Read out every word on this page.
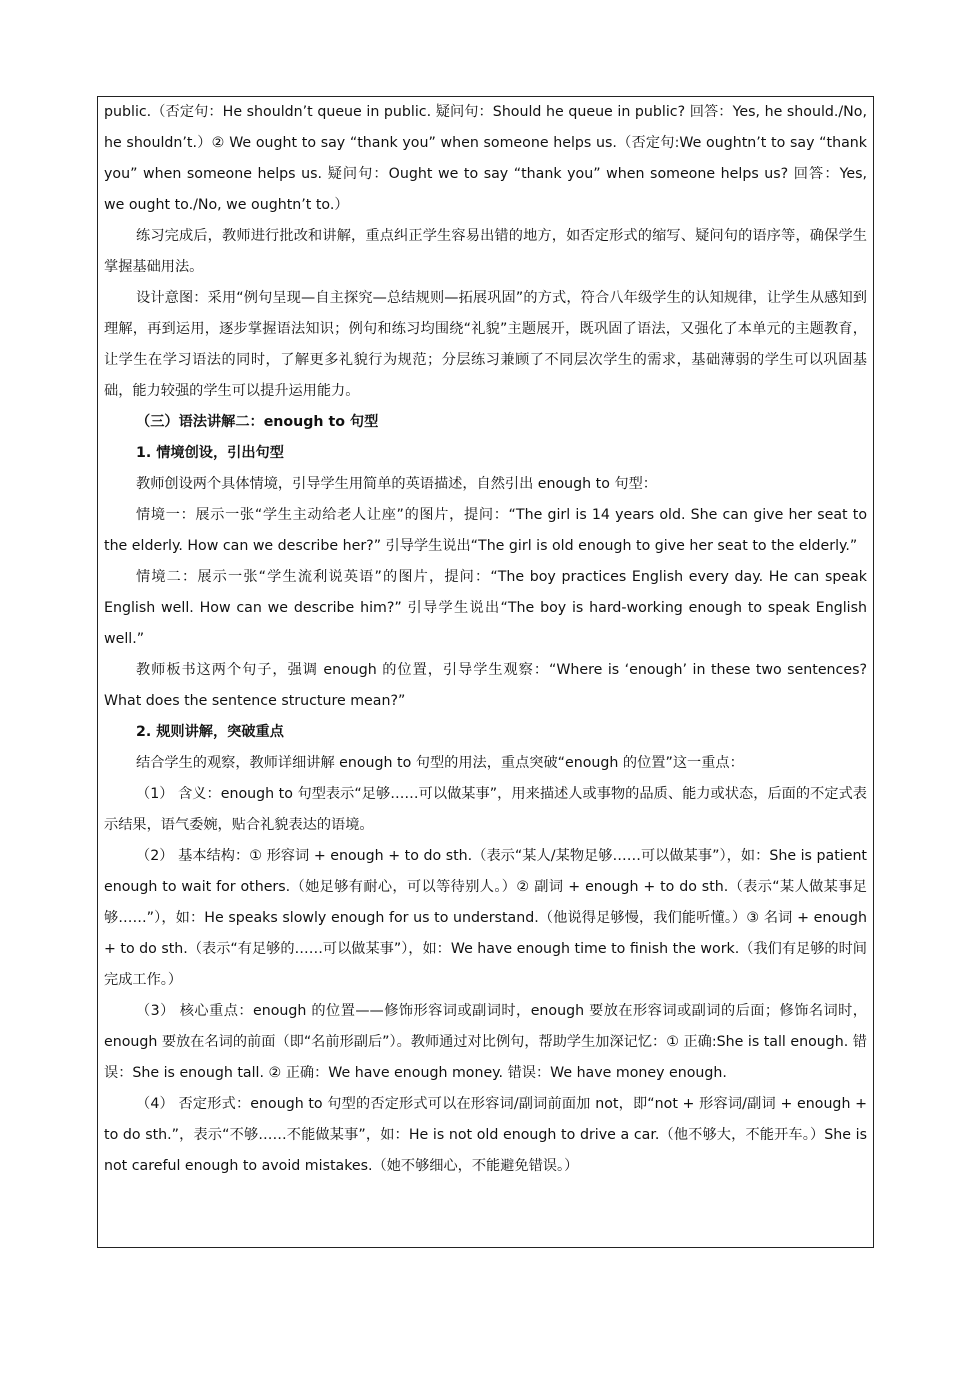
public.（否定句：He shouldn’t queue in public. 疑问句：Should he queue in public? 回答：Yes, he should./No, he shouldn’t.）② We ought to say “thank you” when someone helps us.（否定句:We oughtn’t to say “thank you” when someone helps us. 疑问句：Ought we to say “thank you” when someone helps us? 回答：Yes, we ought to./No, we oughtn’t to.）

练习完成后，教师进行批改和讲解，重点纠正学生容易出错的地方，如否定形式的缩写、疑问句的语序等，确保学生掌握基础用法。

设计意图：采用“例句呈现—自主探究—总结规则—拓展巩固”的方式，符合八年级学生的认知规律，让学生从感知到理解，再到运用，逐步掌握语法知识；例句和练习均围绕“礼貌”主题展开，既巩固了语法，又强化了本单元的主题教育，让学生在学习语法的同时，了解更多礼貌行为规范；分层练习兼顾了不同层次学生的需求，基础薄弱的学生可以巩固基础，能力较强的学生可以提升运用能力。

（三）语法讲解二：enough to 句型

1. 情境创设，引出句型

教师创设两个具体情境，引导学生用简单的英语描述，自然引出 enough to 句型：

情境一：展示一张“学生主动给老人让座”的图片，提问：“The girl is 14 years old. She can give her seat to the elderly. How can we describe her?” 引导学生说出“The girl is old enough to give her seat to the elderly.”

情境二：展示一张“学生流利说英语”的图片，提问：“The boy practices English every day. He can speak English well. How can we describe him?” 引导学生说出“The boy is hard-working enough to speak English well.”

教师板书这两个句子，强调 enough 的位置，引导学生观察：“Where is ‘enough’ in these two sentences? What does the sentence structure mean?”

2. 规则讲解，突破重点

结合学生的观察，教师详细讲解 enough to 句型的用法，重点突破“enough 的位置”这一重点：

（1） 含义：enough to 句型表示“足够……可以做某事”，用来描述人或事物的品质、能力或状态，后面的不定式表示结果，语气委婉，贴合礼貌表达的语境。

（2） 基本结构：① 形容词 + enough + to do sth.（表示“某人/某物足够……可以做某事”），如：She is patient enough to wait for others.（她足够有耐心，可以等待别人。）② 副词 + enough + to do sth.（表示“某人做某事足够……”），如：He speaks slowly enough for us to understand.（他说得足够慢，我们能听懂。）③ 名词 + enough + to do sth.（表示“有足够的……可以做某事”），如：We have enough time to finish the work.（我们有足够的时间完成工作。）

（3） 核心重点：enough 的位置——修饰形容词或副词时，enough 要放在形容词或副词的后面；修饰名词时，enough 要放在名词的前面（即“名前形副后”）。教师通过对比例句，帮助学生加深记忆：① 正确:She is tall enough. 错误：She is enough tall. ② 正确：We have enough money. 错误：We have money enough.

（4） 否定形式：enough to 句型的否定形式可以在形容词/副词前面加 not，即“not + 形容词/副词 + enough + to do sth.”，表示“不够……不能做某事”，如：He is not old enough to drive a car.（他不够大，不能开车。）She is not careful enough to avoid mistakes.（她不够细心，不能避免错误。）
